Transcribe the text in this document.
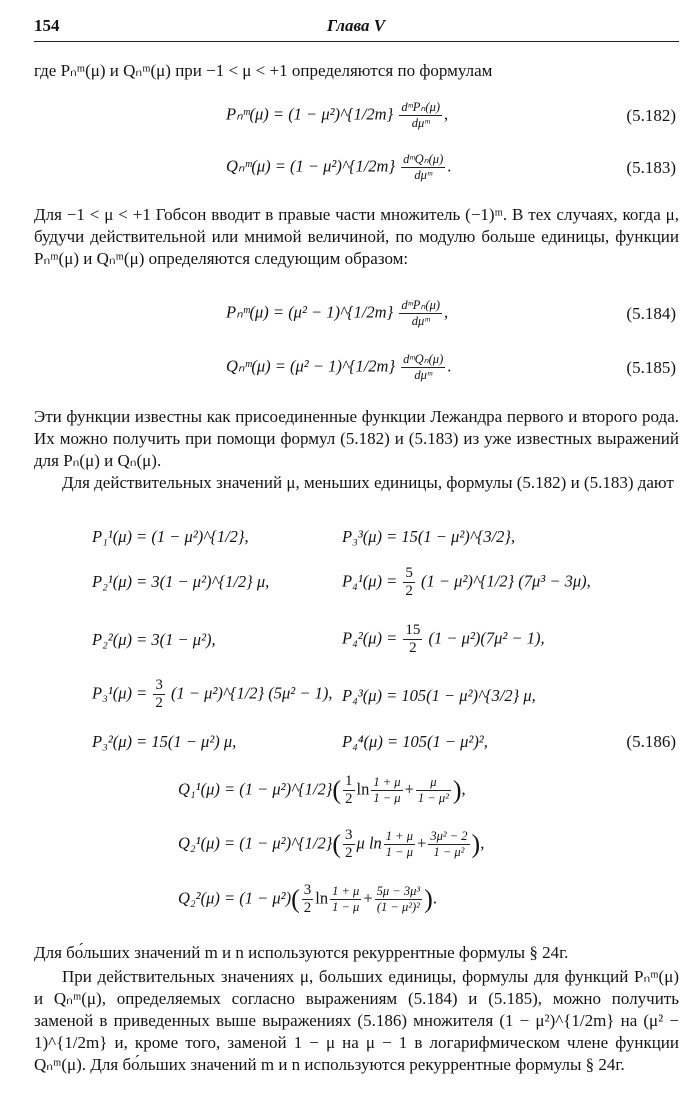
154	Глава V
где Pₙᵐ(μ) и Qₙᵐ(μ) при −1 < μ < +1 определяются по формулам
Pₙᵐ(μ) = (1 − μ²)^{1/2m} $\frac{\text{dᵐPₙ(μ)}}{\text{dμᵐ}}$ ,	(5.182)
Qₙᵐ(μ) = (1 − μ²)^{1/2m} $\frac{\text{dᵐQₙ(μ)}}{\text{dμᵐ}}$ .	(5.183)
Для −1 < μ < +1 Гобсон вводит в правые части множитель (−1)ᵐ. В тех случаях, когда μ, будучи действительной или мнимой величиной, по модулю больше единицы, функции Pₙᵐ(μ) и Qₙᵐ(μ) определяются следующим образом:
Pₙᵐ(μ) = (μ² − 1)^{1/2m} $\frac{\text{dᵐPₙ(μ)}}{\text{dμᵐ}}$ ,	(5.184)
Qₙᵐ(μ) = (μ² − 1)^{1/2m} $\frac{\text{dᵐQₙ(μ)}}{\text{dμᵐ}}$ .	(5.185)
Эти функции известны как присоединенные функции Лежандра первого и второго рода. Их можно получить при помощи формул (5.182) и (5.183) из уже известных выражений для Pₙ(μ) и Qₙ(μ).
Для действительных значений μ, меньших единицы, формулы (5.182) и (5.183) дают
P₁¹(μ) = (1 − μ²)^{1/2},	P₃³(μ) = 15(1 − μ²)^{3/2},
P₂¹(μ) = 3(1 − μ²)^{1/2} μ,	$P_4^1(\mu) = \frac{5}{2} (1$ − μ²)^{1/2} (7μ³ − 3μ),
P₂²(μ) = 3(1 − μ²),	$P_4^2(\mu) = \frac{15}{2} (1 - \mu^2)(7\mu^2 - 1)$,
$P_3^1(\mu) = \frac{3}{2} (1$ − μ²)^{1/2} (5μ² − 1), P₄³(μ) = 105(1 − μ²)^{3/2} μ,
P₃²(μ) = 15(1 − μ²) μ,	P₄⁴(μ) = 105(1 − μ²)²,	(5.186)
Q₁¹(μ) = (1 − μ²)^{1/2}( $\frac{1}{2}$ $\ln \frac{1 + \mu}{1 - \mu} + \frac{\mu}{\text{1 − μ²}}$ ),
Q₂¹(μ) = (1 − μ²)^{1/2}( $\frac{3}{2}$ μ $\ln \frac{1 + \mu}{1 - \mu} + \frac{\text{3μ² − 2}}{\text{1 − μ²}}$ ),
$Q_2^2(\mu) = (1 - \mu^2)( \frac{3}{2}$ $\ln \frac{1 + \mu}{1 - \mu} + \frac{\text{5μ − 3μ³}}{\text{(1 − μ²)²}}$ ).
Для бо́льших значений m и n используются рекуррентные формулы § 24г.
При действительных значениях μ, больших единицы, формулы для функций Pₙᵐ(μ) и Qₙᵐ(μ), определяемых согласно выражениям (5.184) и (5.185), можно получить заменой в приведенных выше выражениях (5.186) множителя (1 − μ²)^{1/2m} на (μ² − 1)^{1/2m} и, кроме того, заменой 1 − μ на μ − 1 в логарифмическом члене функции Qₙᵐ(μ). Для бо́льших значений m и n используются рекуррентные формулы § 24г.
